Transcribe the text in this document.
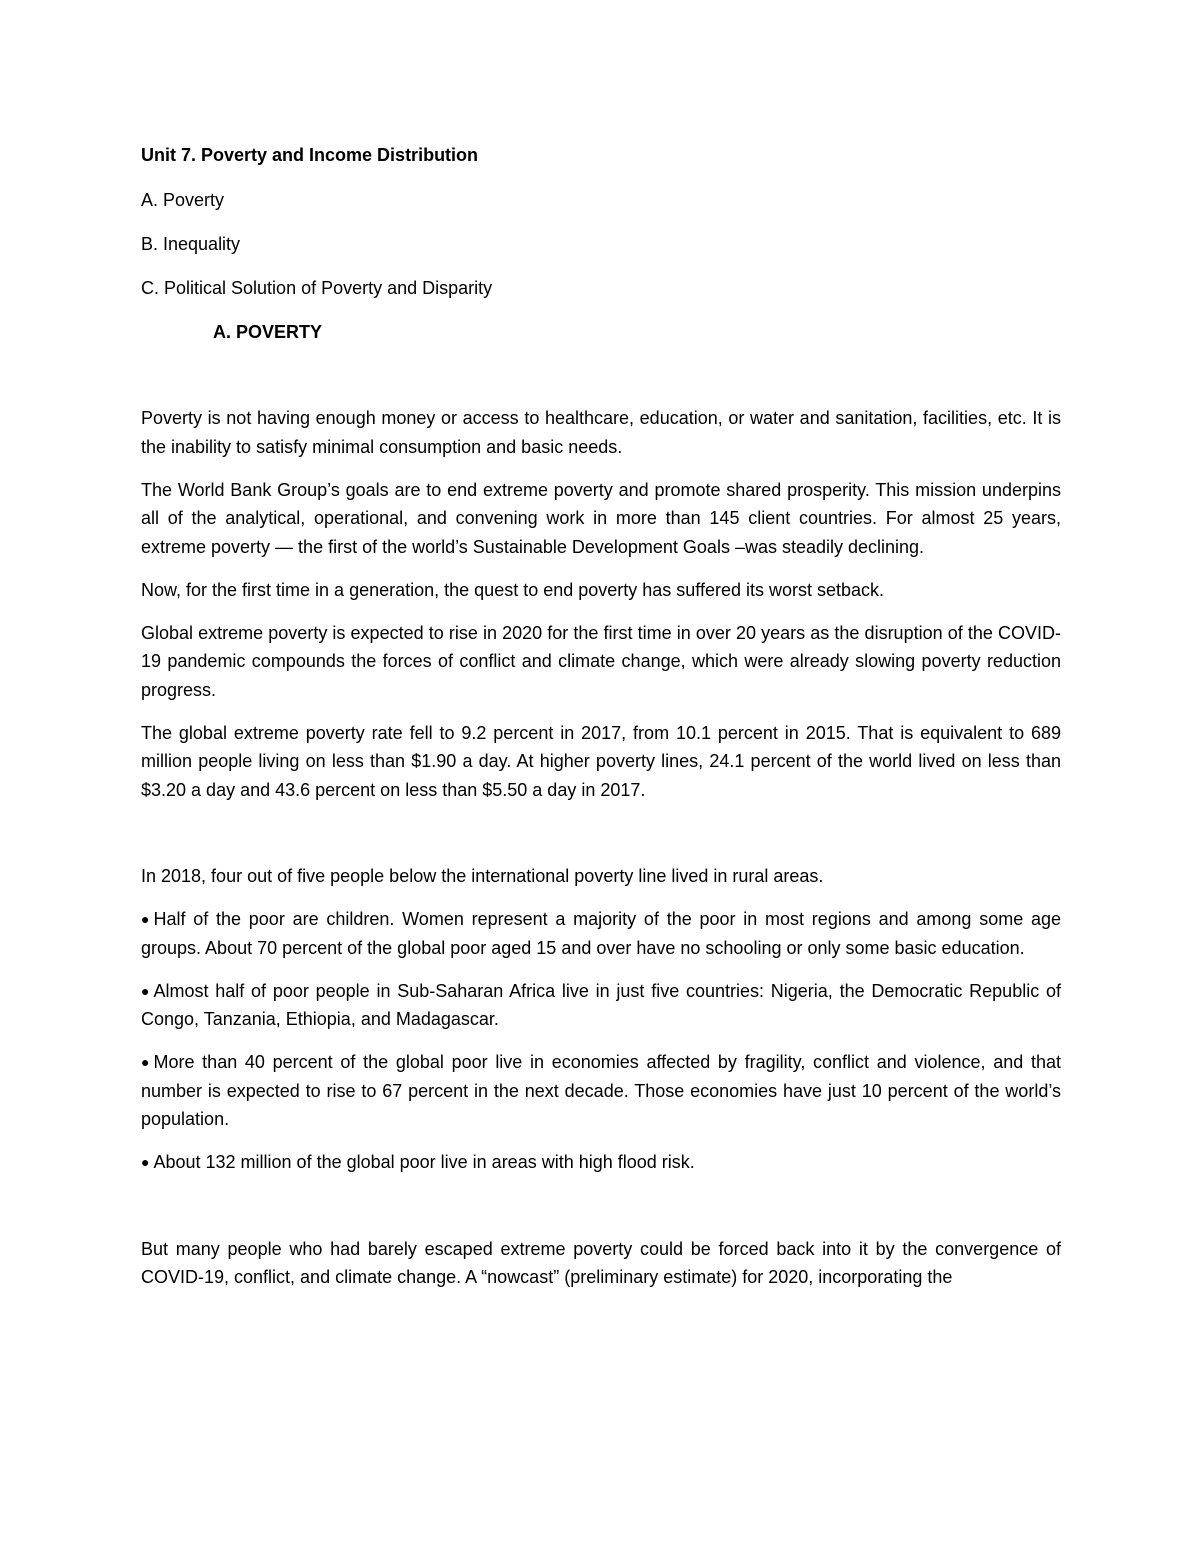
Unit 7. Poverty and Income Distribution

A. Poverty

B. Inequality

C. Political Solution of Poverty and Disparity

A. POVERTY

Poverty is not having enough money or access to healthcare, education, or water and sanitation, facilities, etc. It is the inability to satisfy minimal consumption and basic needs.

The World Bank Group’s goals are to end extreme poverty and promote shared prosperity. This mission underpins all of the analytical, operational, and convening work in more than 145 client countries. For almost 25 years, extreme poverty — the first of the world’s Sustainable Development Goals –was steadily declining.

Now, for the first time in a generation, the quest to end poverty has suffered its worst setback.

Global extreme poverty is expected to rise in 2020 for the first time in over 20 years as the disruption of the COVID-19 pandemic compounds the forces of conflict and climate change, which were already slowing poverty reduction progress.

The global extreme poverty rate fell to 9.2 percent in 2017, from 10.1 percent in 2015. That is equivalent to 689 million people living on less than $1.90 a day. At higher poverty lines, 24.1 percent of the world lived on less than $3.20 a day and 43.6 percent on less than $5.50 a day in 2017.

In 2018, four out of five people below the international poverty line lived in rural areas.

● Half of the poor are children. Women represent a majority of the poor in most regions and among some age groups. About 70 percent of the global poor aged 15 and over have no schooling or only some basic education.

● Almost half of poor people in Sub-Saharan Africa live in just five countries: Nigeria, the Democratic Republic of Congo, Tanzania, Ethiopia, and Madagascar.

● More than 40 percent of the global poor live in economies affected by fragility, conflict and violence, and that number is expected to rise to 67 percent in the next decade. Those economies have just 10 percent of the world’s population.

● About 132 million of the global poor live in areas with high flood risk.

But many people who had barely escaped extreme poverty could be forced back into it by the convergence of COVID-19, conflict, and climate change. A “nowcast” (preliminary estimate) for 2020, incorporating the
